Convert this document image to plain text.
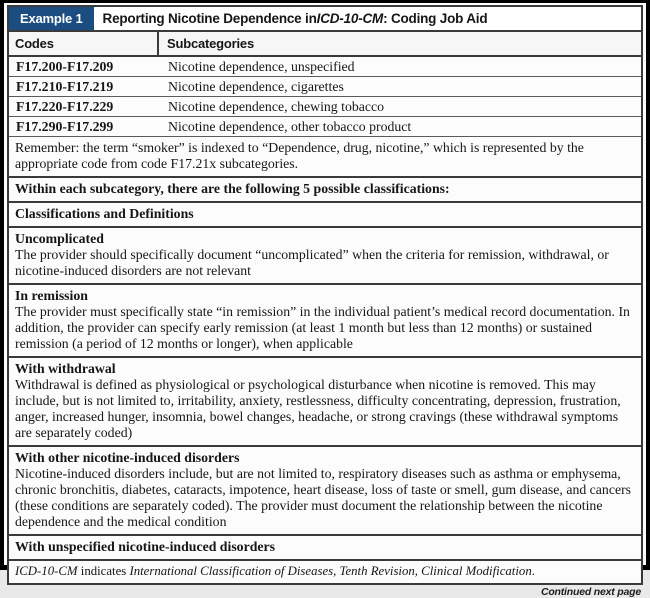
Example 1	Reporting Nicotine Dependence in ICD-10-CM : Coding Job Aid
Codes	Subcategories
F17.200-F17.209	Nicotine dependence, unspecified
F17.210-F17.219	Nicotine dependence, cigarettes
F17.220-F17.229	Nicotine dependence, chewing tobacco
F17.290-F17.299	Nicotine dependence, other tobacco product
Remember: the term “smoker” is indexed to “Dependence, drug, nicotine,” which is represented by the appropriate code from code F17.21x subcategories.
Within each subcategory, there are the following 5 possible classifications:
Classifications and Definitions
Uncomplicated
The provider should specifically document “uncomplicated” when the criteria for remission, withdrawal, or nicotine-induced disorders are not relevant
In remission
The provider must specifically state “in remission” in the individual patient’s medical record documentation. In addition, the provider can specify early remission (at least 1 month but less than 12 months) or sustained remission (a period of 12 months or longer), when applicable
With withdrawal
Withdrawal is defined as physiological or psychological disturbance when nicotine is removed. This may include, but is not limited to, irritability, anxiety, restlessness, difficulty concentrating, depression, frustration, anger, increased hunger, insomnia, bowel changes, headache, or strong cravings (these withdrawal symptoms are separately coded)
With other nicotine-induced disorders
Nicotine-induced disorders include, but are not limited to, respiratory diseases such as asthma or emphysema, chronic bronchitis, diabetes, cataracts, impotence, heart disease, loss of taste or smell, gum disease, and cancers (these conditions are separately coded). The provider must document the relationship between the nicotine dependence and the medical condition
With unspecified nicotine-induced disorders
ICD-10-CM indicates International Classification of Diseases, Tenth Revision, Clinical Modification.
Continued next page
